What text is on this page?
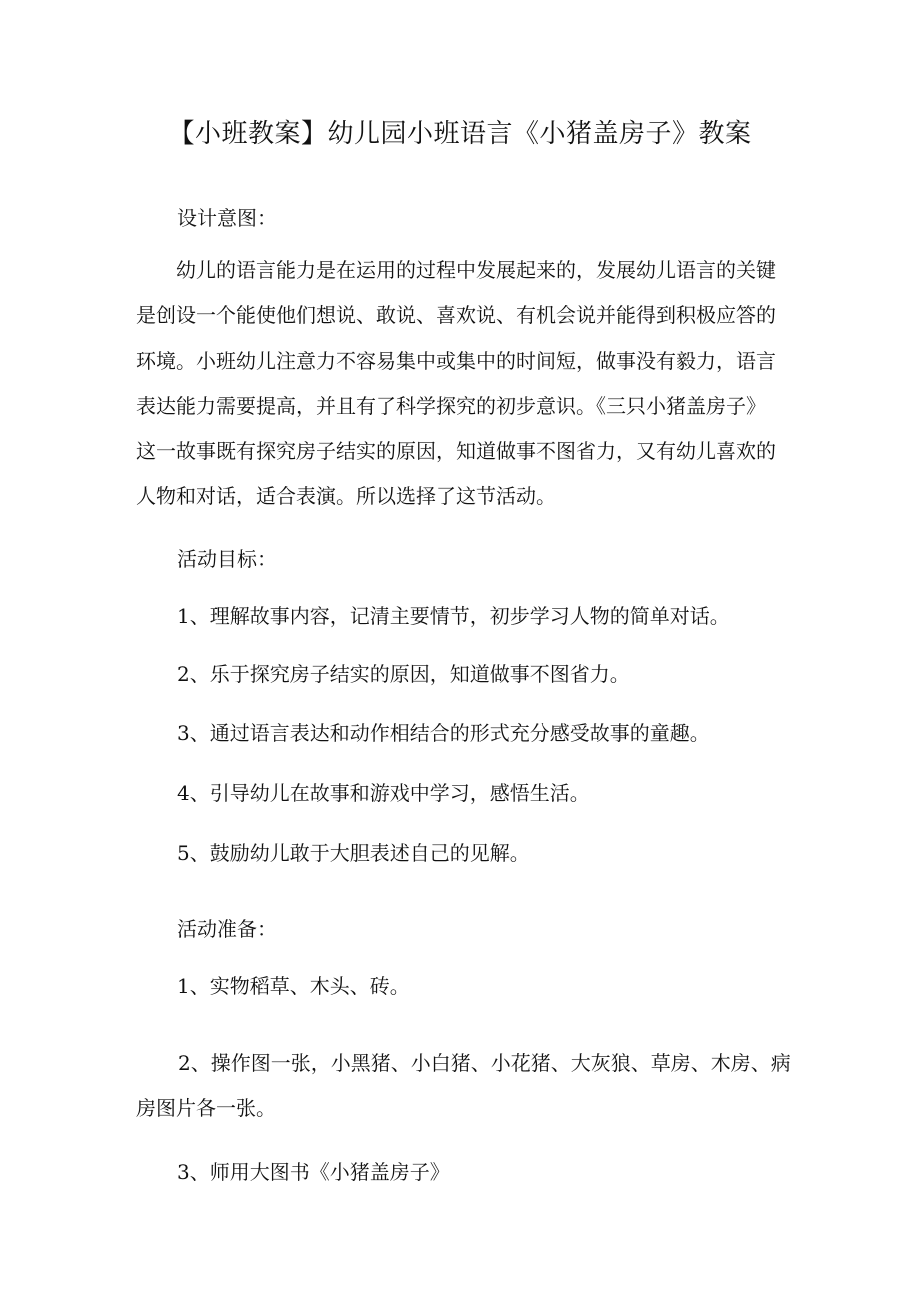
【小班教案】幼儿园小班语言《小猪盖房子》教案
设计意图：
幼儿的语言能力是在运用的过程中发展起来的，发展幼儿语言的关键
是创设一个能使他们想说、敢说、喜欢说、有机会说并能得到积极应答的
环境。小班幼儿注意力不容易集中或集中的时间短，做事没有毅力，语言
表达能力需要提高，并且有了科学探究的初步意识。《三只小猪盖房子》
这一故事既有探究房子结实的原因，知道做事不图省力，又有幼儿喜欢的
人物和对话，适合表演。所以选择了这节活动。
活动目标：
1、理解故事内容，记清主要情节，初步学习人物的简单对话。
2、乐于探究房子结实的原因，知道做事不图省力。
3、通过语言表达和动作相结合的形式充分感受故事的童趣。
4、引导幼儿在故事和游戏中学习，感悟生活。
5、鼓励幼儿敢于大胆表述自己的见解。
活动准备：
1、实物稻草、木头、砖。
2、操作图一张，小黑猪、小白猪、小花猪、大灰狼、草房、木房、病
房图片各一张。
3、师用大图书《小猪盖房子》
